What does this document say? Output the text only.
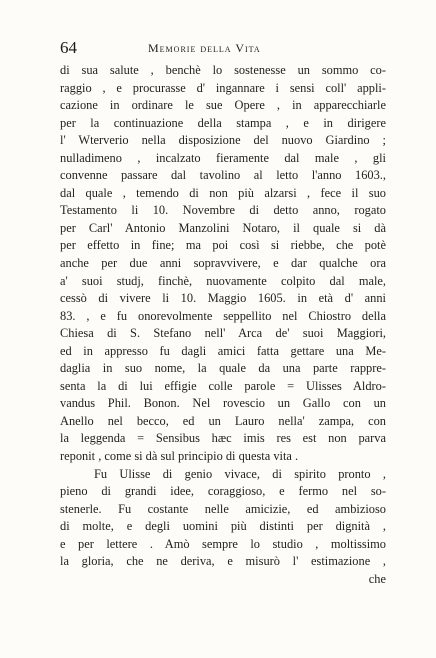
64	Memorie della Vita
di sua salute , benchè lo sostenesse un sommo co-
raggio , e procurasse d' ingannare i sensi coll' appli-
cazione in ordinare le sue Opere , in apparecchiarle
per la continuazione della stampa , e in dirigere
l' Wterverio nella disposizione del nuovo Giardino ;
nulladimeno , incalzato fieramente dal male , gli
convenne passare dal tavolino al letto l'anno 1603.,
dal quale , temendo di non più alzarsi , fece il suo
Testamento li 10. Novembre di detto anno, rogato
per Carl' Antonio Manzolini Notaro, il quale si dà
per effetto in fine; ma poi così si riebbe, che potè
anche per due anni sopravvivere, e dar qualche ora
a' suoi studj, finchè, nuovamente colpito dal male,
cessò di vivere li 10. Maggio 1605. in età d' anni
83. , e fu onorevolmente seppellito nel Chiostro della
Chiesa di S. Stefano nell' Arca de' suoi Maggiori,
ed in appresso fu dagli amici fatta gettare una Me-
daglia in suo nome, la quale da una parte rappre-
senta la di lui effigie colle parole = Ulisses Aldro-
vandus Phil. Bonon. Nel rovescio un Gallo con un
Anello nel becco, ed un Lauro nella' zampa, con
la leggenda = Sensibus hæc imis res est non parva
reponit , come si dà sul principio di questa vita .
Fu Ulisse di genio vivace, di spirito pronto ,
pieno di grandi idee, coraggioso, e fermo nel so-
stenerle. Fu costante nelle amicizie, ed ambizioso
di molte, e degli uomini più distinti per dignità ,
e per lettere . Amò sempre lo studio , moltissimo
la gloria, che ne deriva, e misurò l' estimazione ,
che
